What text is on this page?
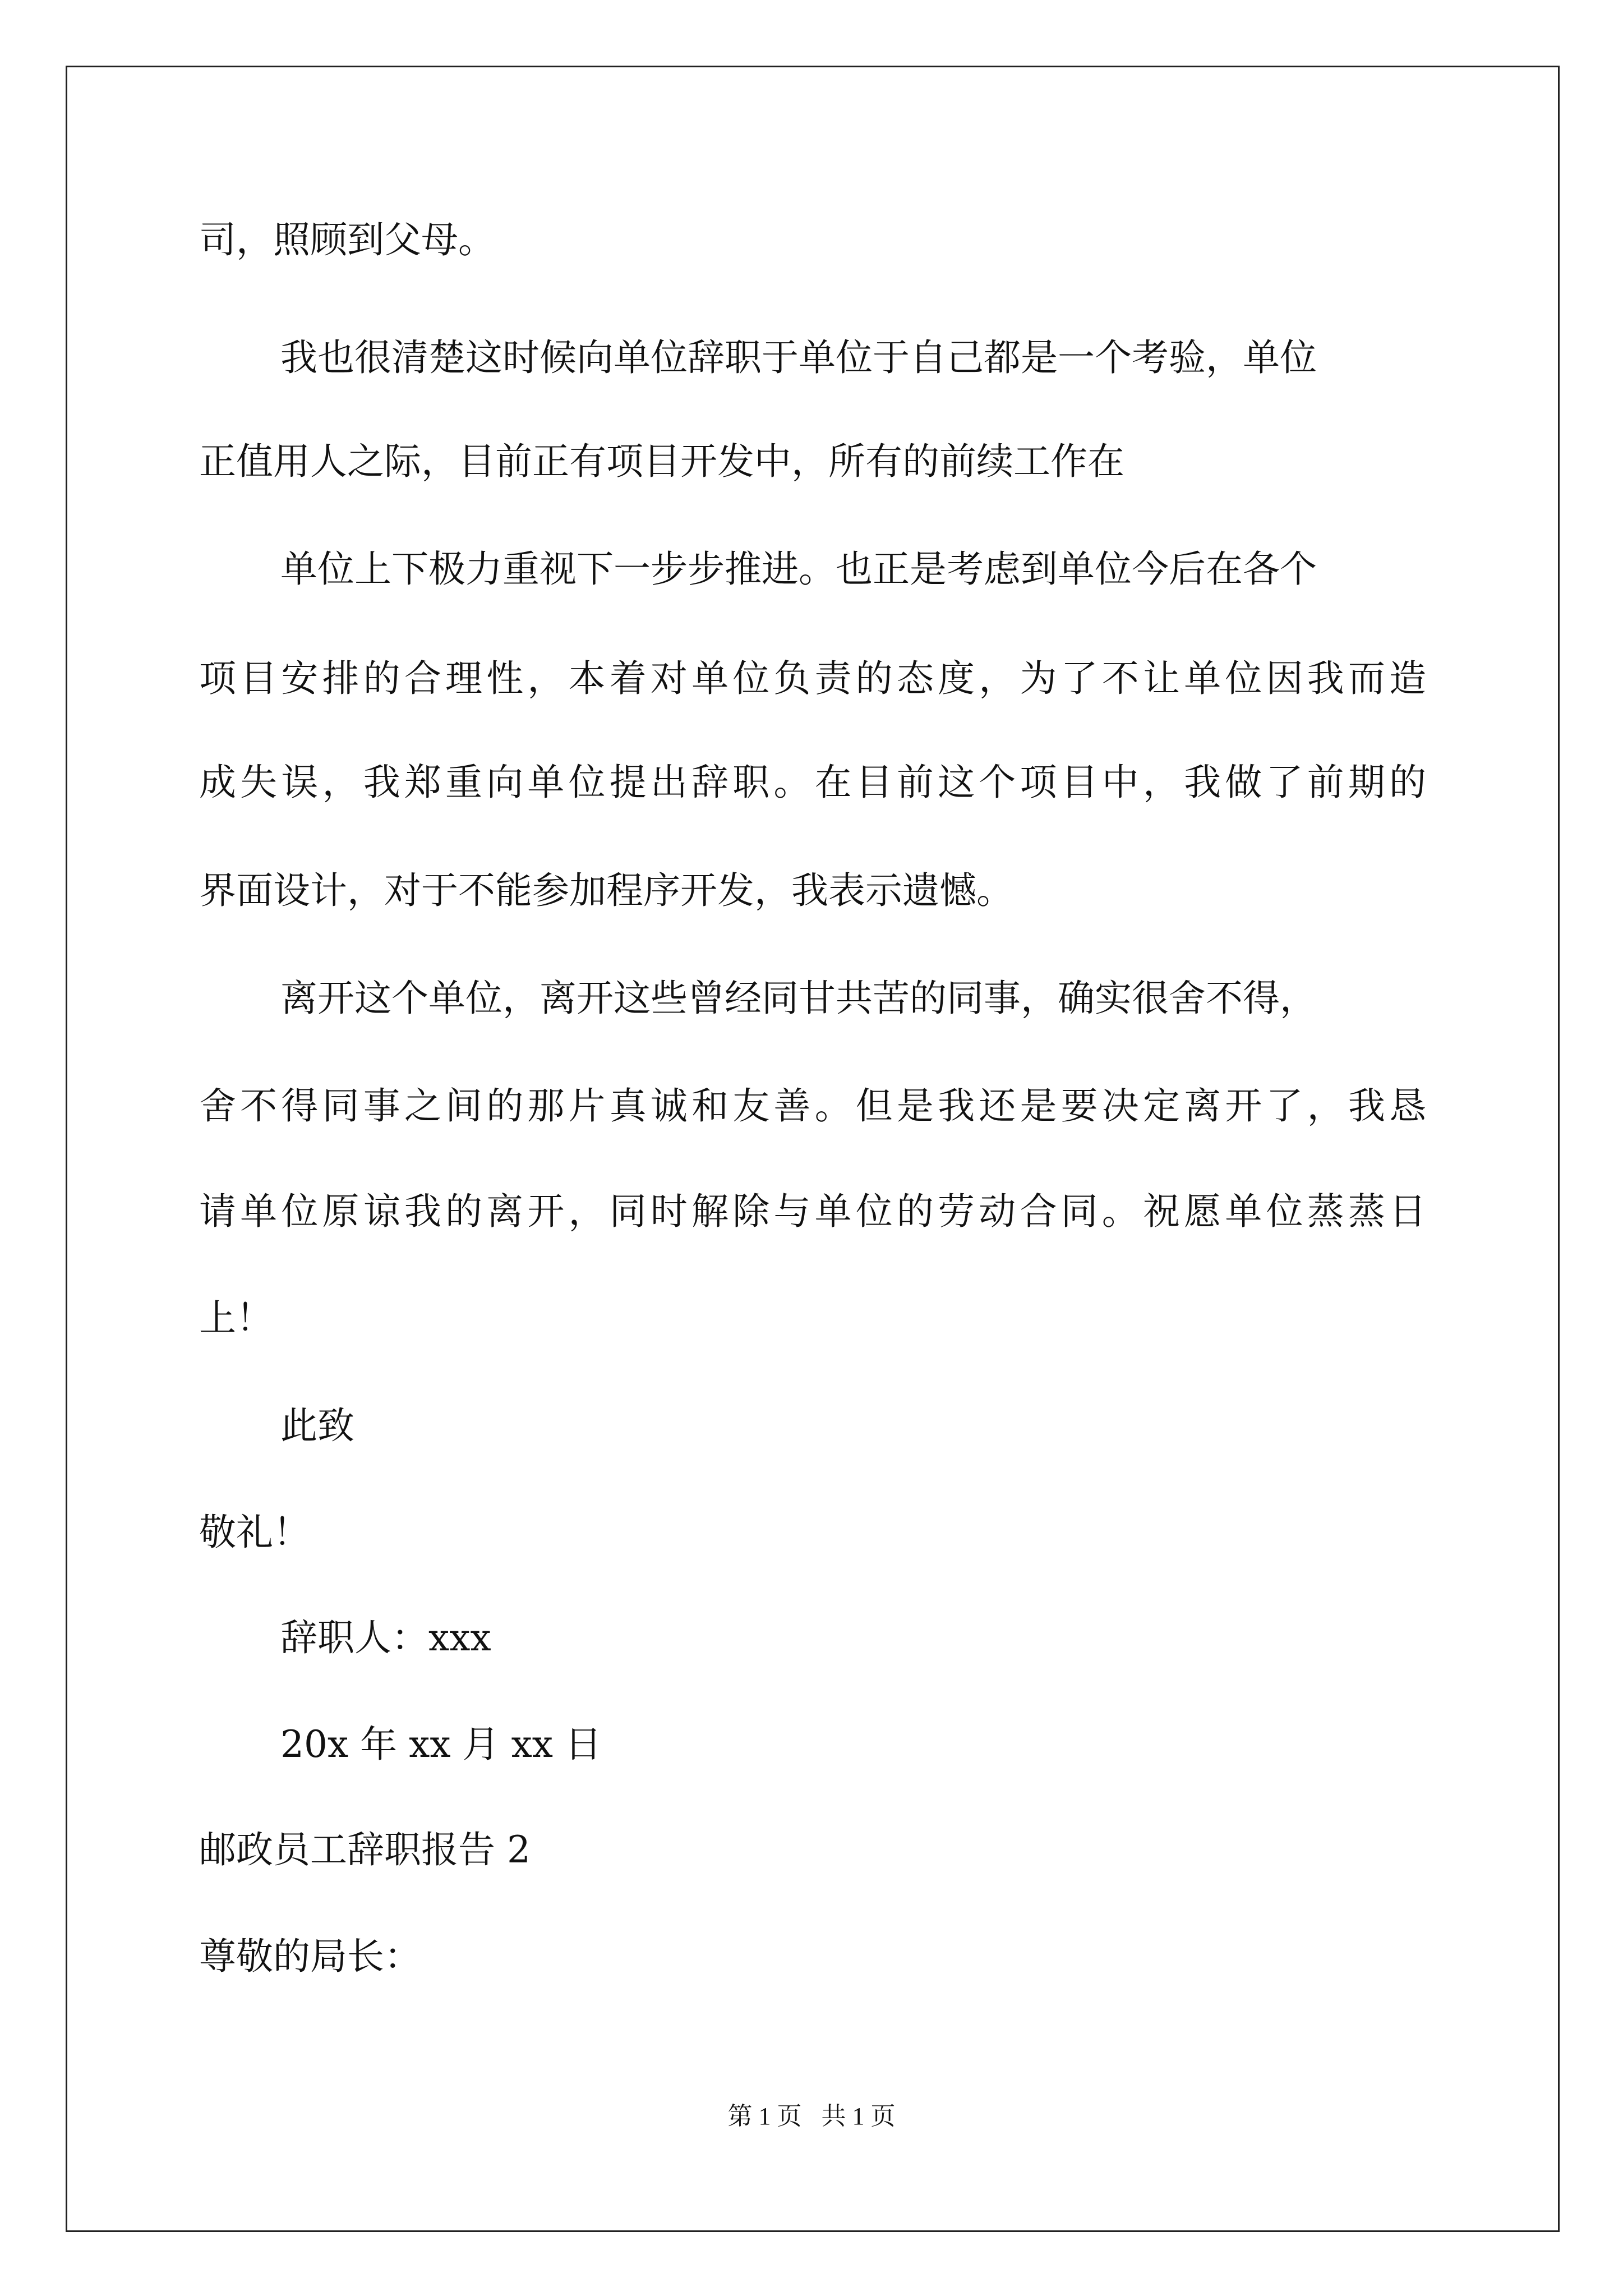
司，照顾到父母。
我也很清楚这时候向单位辞职于单位于自己都是一个考验，单位
正值用人之际，目前正有项目开发中，所有的前续工作在
单位上下极力重视下一步步推进。也正是考虑到单位今后在各个
项目安排的合理性，本着对单位负责的态度，为了不让单位因我而造
成失误，我郑重向单位提出辞职。在目前这个项目中，我做了前期的
界面设计，对于不能参加程序开发，我表示遗憾。
离开这个单位，离开这些曾经同甘共苦的同事，确实很舍不得，
舍不得同事之间的那片真诚和友善。但是我还是要决定离开了，我恳
请单位原谅我的离开，同时解除与单位的劳动合同。祝愿单位蒸蒸日
上！
此致
敬礼！
辞职人：xxx
20x 年 xx 月 xx 日
邮政员工辞职报告 2
尊敬的局长：
第 1 页 共 1 页
